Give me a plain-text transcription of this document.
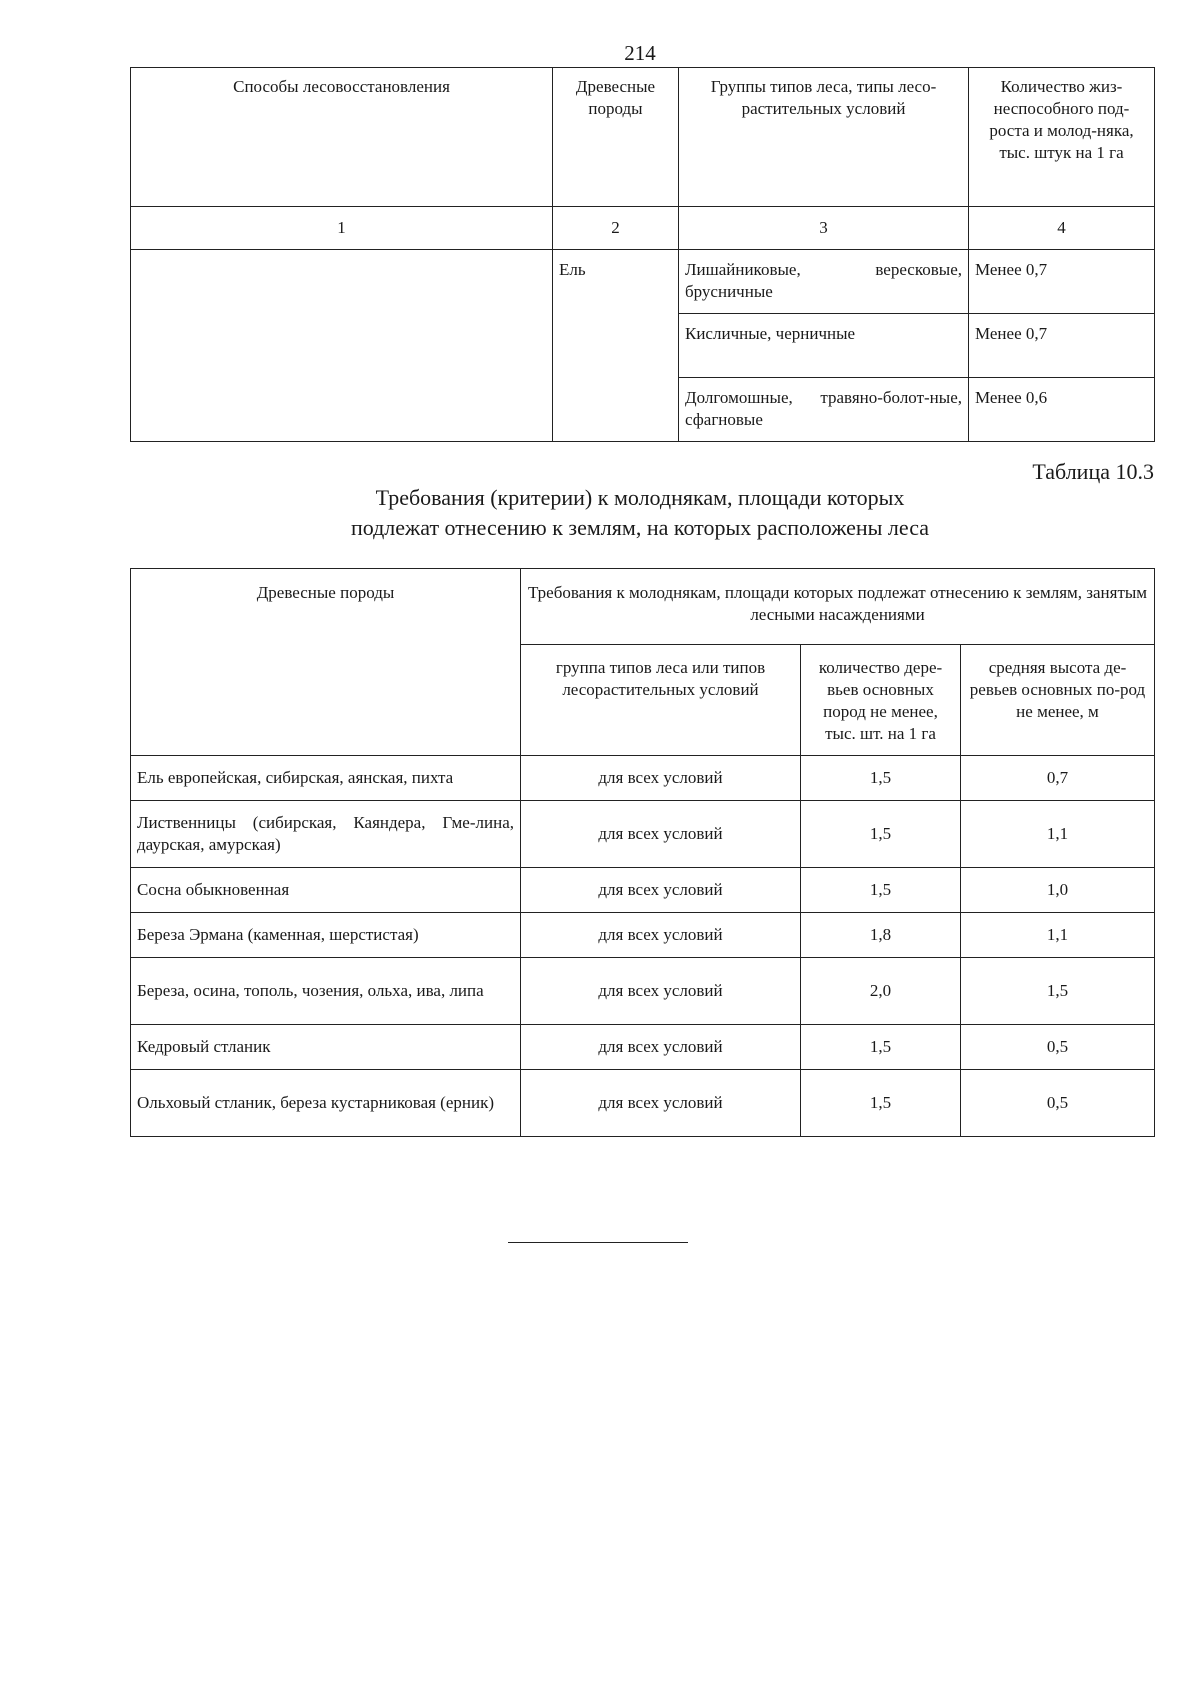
214
Способы лесовосстановления	Древесные породы	Группы типов леса, типы лесо-растительных условий	Количество жиз-неспособного под-роста и молод-няка, тыс. штук на 1 га
1	2	3	4
	Ель	Лишайниковые, вересковые, брусничные	Менее 0,7
		Кисличные, черничные	Менее 0,7
		Долгомошные, травяно-болот-ные, сфагновые	Менее 0,6
Таблица 10.3
Требования (критерии) к молоднякам, площади которых
подлежат отнесению к землям, на которых расположены леса
Древесные породы	Требования к молоднякам, площади которых подлежат отнесению к землям, занятым лесными насаждениями		
	группа типов леса или типов лесорастительных условий	количество дере-вьев основных пород не менее, тыс. шт. на 1 га	средняя высота де-ревьев основных по-род не менее, м
Ель европейская, сибирская, аянская, пихта	для всех условий	1,5	0,7
Лиственницы (сибирская, Каяндера, Гме-лина, даурская, амурская)	для всех условий	1,5	1,1
Сосна обыкновенная	для всех условий	1,5	1,0
Береза Эрмана (каменная, шерстистая)	для всех условий	1,8	1,1
Береза, осина, тополь, чозения, ольха, ива, липа	для всех условий	2,0	1,5
Кедровый стланик	для всех условий	1,5	0,5
Ольховый стланик, береза кустарниковая (ерник)	для всех условий	1,5	0,5
